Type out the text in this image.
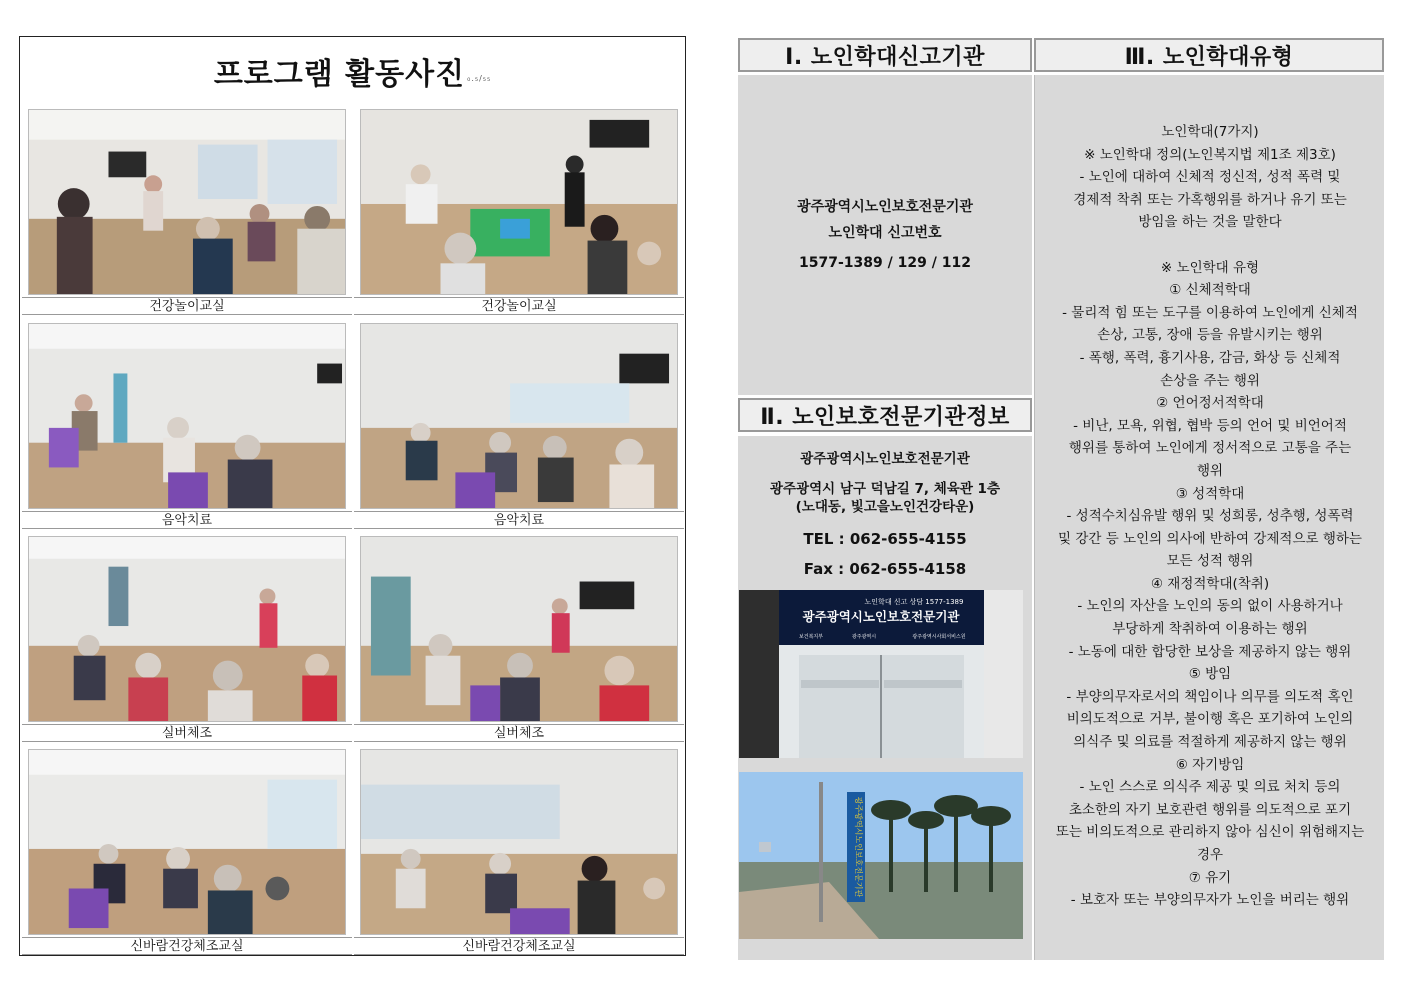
프로그램 활동사진 ₀.₅/₅₅
건강놀이교실	건강놀이교실
음악치료	음악치료
실버체조	실버체조
신바람건강체조교실	신바람건강체조교실
Ⅰ. 노인학대신고기관
광주광역시노인보호전문기관
노인학대 신고번호
1577-1389 / 129 / 112
Ⅱ. 노인보호전문기관정보
광주광역시노인보호전문기관
광주광역시 남구 덕남길 7, 체육관 1층
(노대동, 빛고을노인건강타운)
TEL : 062-655-4155
Fax : 062-655-4158
노인학대 신고 상담 1577-1389
광주광역시노인보호전문기관
보건복지부	광주광역시	광주광역시사회서비스원
광주광역시노인보호전문기관
Ⅲ. 노인학대유형
노인학대(7가지)
※ 노인학대 정의(노인복지법 제1조 제3호)
- 노인에 대하여 신체적 정신적, 성적 폭력 및
경제적 착취 또는 가혹행위를 하거나 유기 또는
방임을 하는 것을 말한다
※ 노인학대 유형
① 신체적학대
- 물리적 힘 또는 도구를 이용하여 노인에게 신체적
손상, 고통, 장애 등을 유발시키는 행위
- 폭행, 폭력, 흉기사용, 감금, 화상 등 신체적
손상을 주는 행위
② 언어정서적학대
- 비난, 모욕, 위협, 협박 등의 언어 및 비언어적
행위를 통하여 노인에게 정서적으로 고통을 주는
행위
③ 성적학대
- 성적수치심유발 행위 및 성희롱, 성추행, 성폭력
및 강간 등 노인의 의사에 반하여 강제적으로 행하는
모든 성적 행위
④ 재정적학대(착취)
- 노인의 자산을 노인의 동의 없이 사용하거나
부당하게 착취하여 이용하는 행위
- 노동에 대한 합당한 보상을 제공하지 않는 행위
⑤ 방임
- 부양의무자로서의 책임이나 의무를 의도적 혹인
비의도적으로 거부, 불이행 혹은 포기하여 노인의
의식주 및 의료를 적절하게 제공하지 않는 행위
⑥ 자기방임
- 노인 스스로 의식주 제공 및 의료 처치 등의
초소한의 자기 보호관련 행위를 의도적으로 포기
또는 비의도적으로 관리하지 않아 심신이 위험해지는
경우
⑦ 유기
- 보호자 또는 부양의무자가 노인을 버리는 행위
